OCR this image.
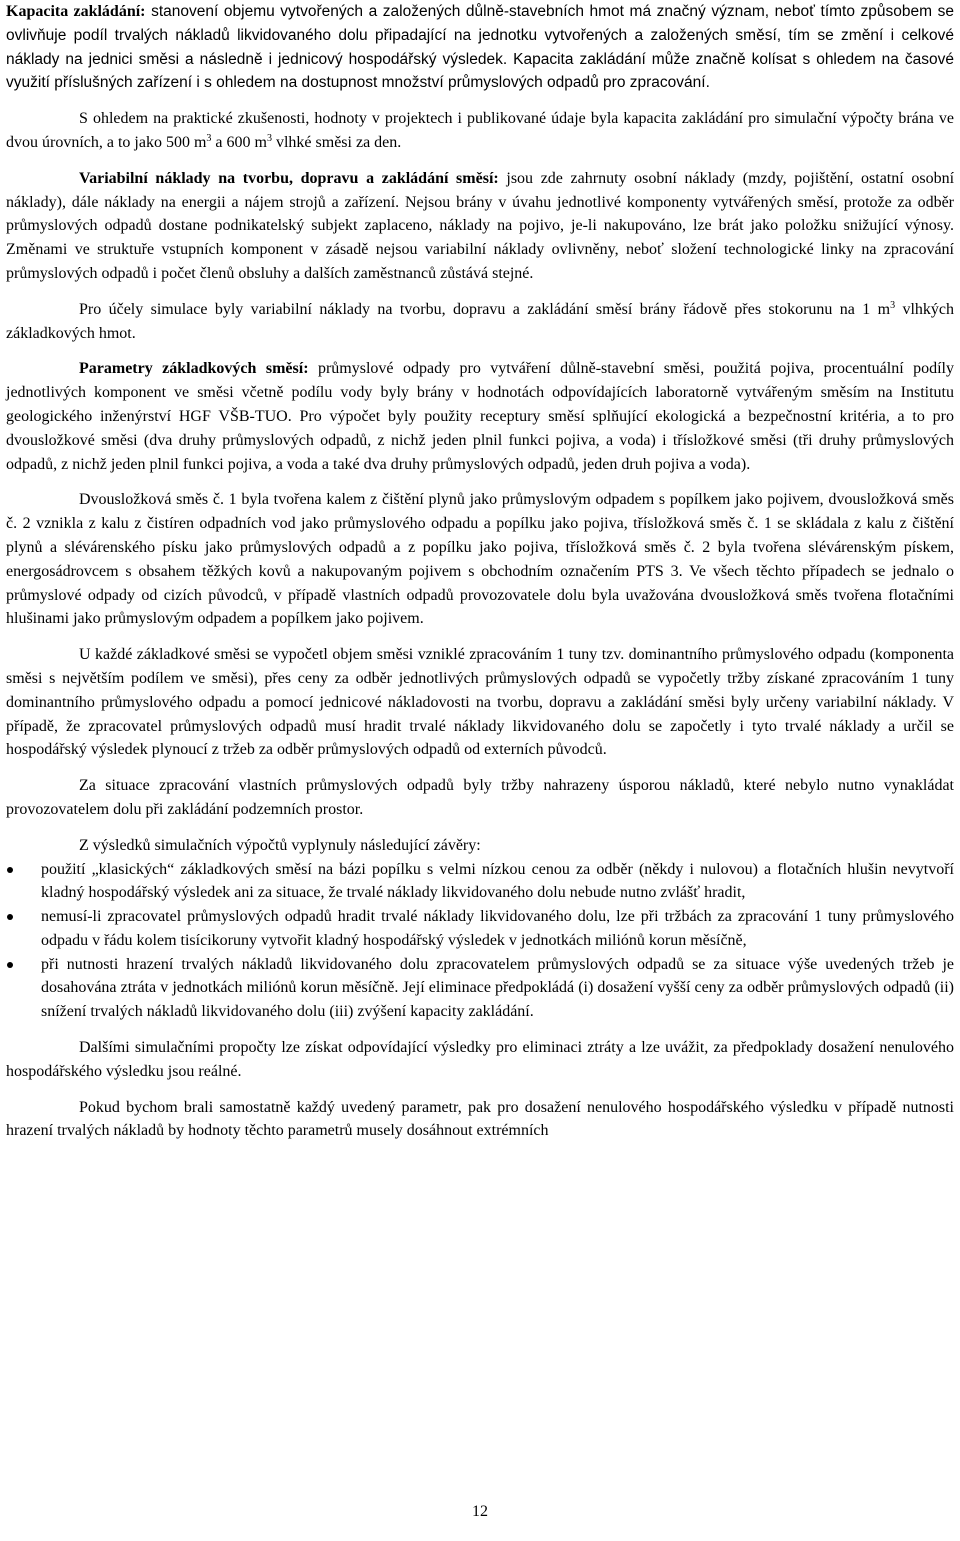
Kapacita zakládání: stanovení objemu vytvořených a založených důlně-stavebních hmot má značný význam, neboť tímto způsobem se ovlivňuje podíl trvalých nákladů likvidovaného dolu připadající na jednotku vytvořených a založených směsí, tím se změní i celkové náklady na jednici směsi a následně i jednicový hospodářský výsledek. Kapacita zakládání může značně kolísat s ohledem na časové využití příslušných zařízení i s ohledem na dostupnost množství průmyslových odpadů pro zpracování.

S ohledem na praktické zkušenosti, hodnoty v projektech i publikované údaje byla kapacita zakládání pro simulační výpočty brána ve dvou úrovních, a to jako 500 $m^3$ a 600 $m^3$ vlhké směsi za den.

Variabilní náklady na tvorbu, dopravu a zakládání směsí: jsou zde zahrnuty osobní náklady (mzdy, pojištění, ostatní osobní náklady), dále náklady na energii a nájem strojů a zařízení. Nejsou brány v úvahu jednotlivé komponenty vytvářených směsí, protože za odběr průmyslových odpadů dostane podnikatelský subjekt zaplaceno, náklady na pojivo, je-li nakupováno, lze brát jako položku snižující výnosy. Změnami ve struktuře vstupních komponent v zásadě nejsou variabilní náklady ovlivněny, neboť složení technologické linky na zpracování průmyslových odpadů i počet členů obsluhy a dalších zaměstnanců zůstává stejné.

Pro účely simulace byly variabilní náklady na tvorbu, dopravu a zakládání směsí brány řádově přes stokorunu na 1 $m^3$ vlhkých základkových hmot.

Parametry základkových směsí: průmyslové odpady pro vytváření důlně-stavební směsi, použitá pojiva, procentuální podíly jednotlivých komponent ve směsi včetně podílu vody byly brány v hodnotách odpovídajících laboratorně vytvářeným směsím na Institutu geologického inženýrství HGF VŠB-TUO. Pro výpočet byly použity receptury směsí splňující ekologická a bezpečnostní kritéria, a to pro dvousložkové směsi (dva druhy průmyslových odpadů, z nichž jeden plnil funkci pojiva, a voda) i třísložkové směsi (tři druhy průmyslových odpadů, z nichž jeden plnil funkci pojiva, a voda a také dva druhy průmyslových odpadů, jeden druh pojiva a voda).

Dvousložková směs č. 1 byla tvořena kalem z čištění plynů jako průmyslovým odpadem s popílkem jako pojivem, dvousložková směs č. 2 vznikla z kalu z čistíren odpadních vod jako průmyslového odpadu a popílku jako pojiva, třísložková směs č. 1 se skládala z kalu z čištění plynů a slévárenského písku jako průmyslových odpadů a z popílku jako pojiva, třísložková směs č. 2 byla tvořena slévárenským pískem, energosádrovcem s obsahem těžkých kovů a nakupovaným pojivem s obchodním označením PTS 3. Ve všech těchto případech se jednalo o průmyslové odpady od cizích původců, v případě vlastních odpadů provozovatele dolu byla uvažována dvousložková směs tvořena flotačními hlušinami jako průmyslovým odpadem a popílkem jako pojivem.

U každé základkové směsi se vypočetl objem směsi vzniklé zpracováním 1 tuny tzv. dominantního průmyslového odpadu (komponenta směsi s největším podílem ve směsi), přes ceny za odběr jednotlivých průmyslových odpadů se vypočetly tržby získané zpracováním 1 tuny dominantního průmyslového odpadu a pomocí jednicové nákladovosti na tvorbu, dopravu a zakládání směsi byly určeny variabilní náklady. V případě, že zpracovatel průmyslových odpadů musí hradit trvalé náklady likvidovaného dolu se započetly i tyto trvalé náklady a určil se hospodářský výsledek plynoucí z tržeb za odběr průmyslových odpadů od externích původců.

Za situace zpracování vlastních průmyslových odpadů byly tržby nahrazeny úsporou nákladů, které nebylo nutno vynakládat provozovatelem dolu při zakládání podzemních prostor.

Z výsledků simulačních výpočtů vyplynuly následující závěry:

použití „klasických“ základkových směsí na bázi popílku s velmi nízkou cenou za odběr (někdy i nulovou) a flotačních hlušin nevytvoří kladný hospodářský výsledek ani za situace, že trvalé náklady likvidovaného dolu nebude nutno zvlášť hradit,
nemusí-li zpracovatel průmyslových odpadů hradit trvalé náklady likvidovaného dolu, lze při tržbách za zpracování 1 tuny průmyslového odpadu v řádu kolem tisícikoruny vytvořit kladný hospodářský výsledek v jednotkách miliónů korun měsíčně,
při nutnosti hrazení trvalých nákladů likvidovaného dolu zpracovatelem průmyslových odpadů se za situace výše uvedených tržeb je dosahována ztráta v jednotkách miliónů korun měsíčně. Její eliminace předpokládá (i) dosažení vyšší ceny za odběr průmyslových odpadů (ii) snížení trvalých nákladů likvidovaného dolu (iii) zvýšení kapacity zakládání.

Dalšími simulačními propočty lze získat odpovídající výsledky pro eliminaci ztráty a lze uvážit, za předpoklady dosažení nenulového hospodářského výsledku jsou reálné.

Pokud bychom brali samostatně každý uvedený parametr, pak pro dosažení nenulového hospodářského výsledku v případě nutnosti hrazení trvalých nákladů by hodnoty těchto parametrů musely dosáhnout extrémních

12
